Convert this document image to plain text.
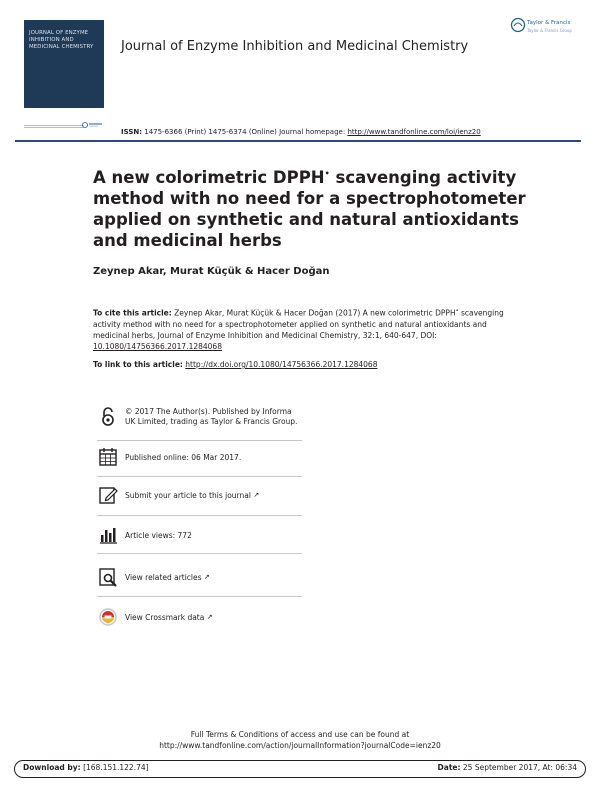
JOURNAL OF ENZYME INHIBITION AND MEDICINAL CHEMISTRY	Journal of Enzyme Inhibition and Medicinal Chemistry
Taylor & Francis
Taylor & Francis Group
ISSN: 1475-6366 (Print) 1475-6374 (Online) Journal homepage: http://www.tandfonline.com/loi/ienz20
A new colorimetric DPPH• scavenging activity method with no need for a spectrophotometer applied on synthetic and natural antioxidants and medicinal herbs
Zeynep Akar, Murat Küçük & Hacer Doğan
To cite this article: Zeynep Akar, Murat Küçük & Hacer Doğan (2017) A new colorimetric DPPH• scavenging activity method with no need for a spectrophotometer applied on synthetic and natural antioxidants and medicinal herbs, Journal of Enzyme Inhibition and Medicinal Chemistry, 32:1, 640-647, DOI: 10.1080/14756366.2017.1284068
To link to this article: http://dx.doi.org/10.1080/14756366.2017.1284068
© 2017 The Author(s). Published by Informa UK Limited, trading as Taylor & Francis Group.
Published online: 06 Mar 2017.
Submit your article to this journal ↗
Article views: 772
View related articles ↗
View Crossmark data ↗
Full Terms & Conditions of access and use can be found at
http://www.tandfonline.com/action/journalInformation?journalCode=ienz20
Download by: [168.151.122.74]	Date: 25 September 2017, At: 06:34
